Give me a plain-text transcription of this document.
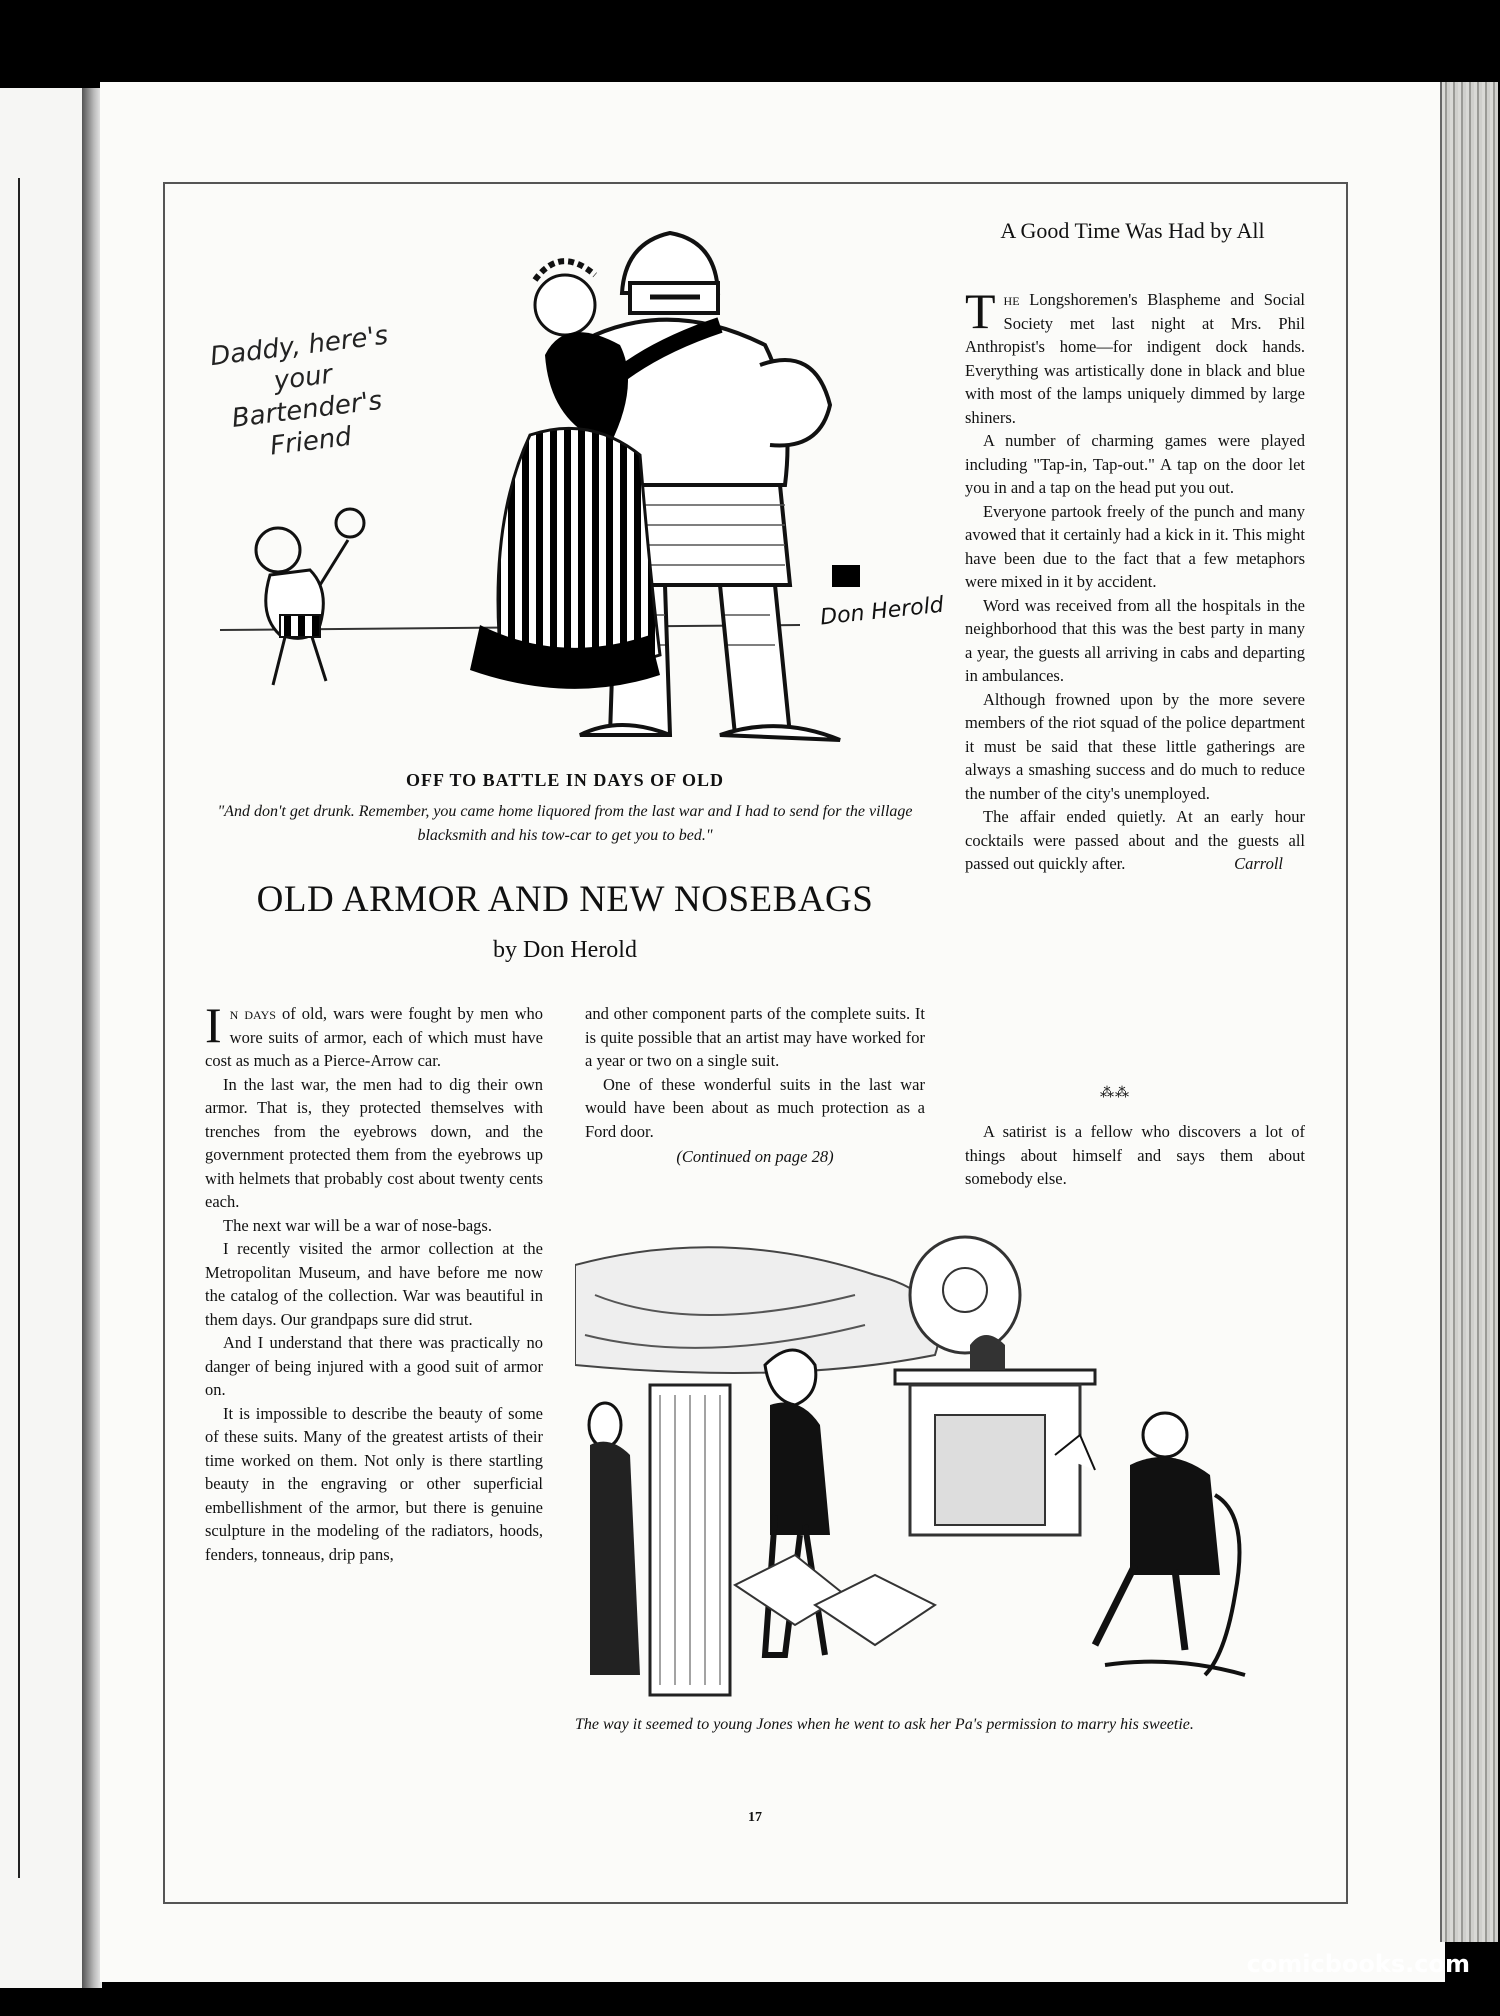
Daddy, here's your Bartender's Friend
Don Herold
OFF TO BATTLE IN DAYS OF OLD
"And don't get drunk. Remember, you came home liquored from the last war and I had to send for the village blacksmith and his tow-car to get you to bed."
OLD ARMOR AND NEW NOSEBAGS
by Don Herold

In days of old, wars were fought by men who wore suits of armor, each of which must have cost as much as a Pierce-Arrow car.

In the last war, the men had to dig their own armor. That is, they protected themselves with trenches from the eyebrows down, and the government protected them from the eyebrows up with helmets that probably cost about twenty cents each.

The next war will be a war of nose-bags.

I recently visited the armor collection at the Metropolitan Museum, and have before me now the catalog of the collection. War was beautiful in them days. Our grandpaps sure did strut.

And I understand that there was practically no danger of being injured with a good suit of armor on.

It is impossible to describe the beauty of some of these suits. Many of the greatest artists of their time worked on them. Not only is there startling beauty in the engraving or other superficial embellishment of the armor, but there is genuine sculpture in the modeling of the radiators, hoods, fenders, tonneaus, drip pans,

and other component parts of the complete suits. It is quite possible that an artist may have worked for a year or two on a single suit.

One of these wonderful suits in the last war would have been about as much protection as a Ford door.

(Continued on page 28)
A Good Time Was Had by All

The Longshoremen's Blaspheme and Social Society met last night at Mrs. Phil Anthropist's home—for indigent dock hands. Everything was artistically done in black and blue with most of the lamps uniquely dimmed by large shiners.

A number of charming games were played including "Tap-in, Tap-out." A tap on the door let you in and a tap on the head put you out.

Everyone partook freely of the punch and many avowed that it certainly had a kick in it. This might have been due to the fact that a few metaphors were mixed in it by accident.

Word was received from all the hospitals in the neighborhood that this was the best party in many a year, the guests all arriving in cabs and departing in ambulances.

Although frowned upon by the more severe members of the riot squad of the police department it must be said that these little gatherings are always a smashing success and do much to reduce the number of the city's unemployed.

The affair ended quietly. At an early hour cocktails were passed about and the guests all passed out quickly after.	Carroll

⁂⁂

A satirist is a fellow who discovers a lot of things about himself and says them about somebody else.

The way it seemed to young Jones when he went to ask her Pa's permission to marry his sweetie.
17
comicbooks.com
